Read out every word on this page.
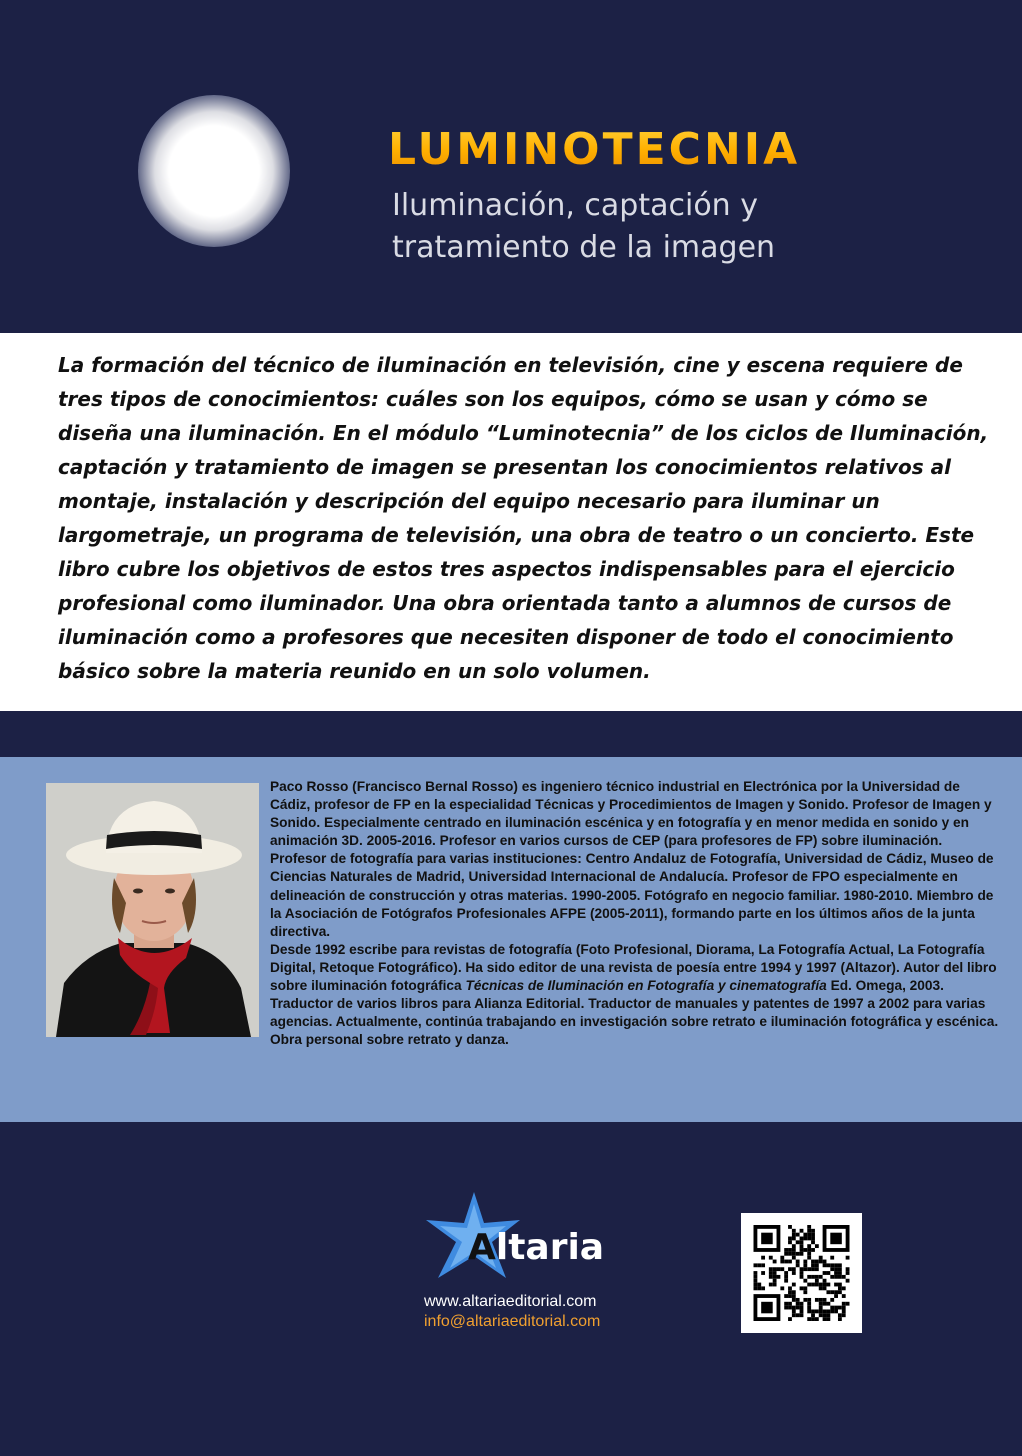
LUMINOTECNIA
Iluminación, captación y
tratamiento de la imagen

La formación del técnico de iluminación en televisión, cine y escena requiere de tres tipos de conocimientos: cuáles son los equipos, cómo se usan y cómo se diseña una iluminación. En el módulo “Luminotecnia” de los ciclos de Iluminación, captación y tratamiento de imagen se presentan los conocimientos relativos al montaje, instalación y descripción del equipo necesario para iluminar un largometraje, un programa de televisión, una obra de teatro o un concierto. Este libro cubre los objetivos de estos tres aspectos indispensables para el ejercicio profesional como iluminador. Una obra orientada tanto a alumnos de cursos de iluminación como a profesores que necesiten disponer de todo el conocimiento básico sobre la materia reunido en un solo volumen.

Paco Rosso (Francisco Bernal Rosso) es ingeniero técnico industrial en Electrónica por la Universidad de Cádiz, profesor de FP en la especialidad Técnicas y Procedimientos de Imagen y Sonido. Profesor de Imagen y Sonido. Especialmente centrado en iluminación escénica y en fotografía y en menor medida en sonido y en animación 3D. 2005-2016. Profesor en varios cursos de CEP (para profesores de FP) sobre iluminación. Profesor de fotografía para varias instituciones: Centro Andaluz de Fotografía, Universidad de Cádiz, Museo de Ciencias Naturales de Madrid, Universidad Internacional de Andalucía. Profesor de FPO especialmente en delineación de construcción y otras materias. 1990-2005. Fotógrafo en negocio familiar. 1980-2010. Miembro de la Asociación de Fotógrafos Profesionales AFPE (2005-2011), formando parte en los últimos años de la junta directiva.

Desde 1992 escribe para revistas de fotografía (Foto Profesional, Diorama, La Fotografía Actual, La Fotografía Digital, Retoque Fotográfico). Ha sido editor de una revista de poesía entre 1994 y 1997 (Altazor). Autor del libro sobre iluminación fotográfica Técnicas de Iluminación en Fotografía y cinematografía Ed. Omega, 2003. Traductor de varios libros para Alianza Editorial. Traductor de manuales y patentes de 1997 a 2002 para varias agencias. Actualmente, continúa trabajando en investigación sobre retrato e iluminación fotográfica y escénica. Obra personal sobre retrato y danza.

Altaria
www.altariaeditorial.com
info@altariaeditorial.com
